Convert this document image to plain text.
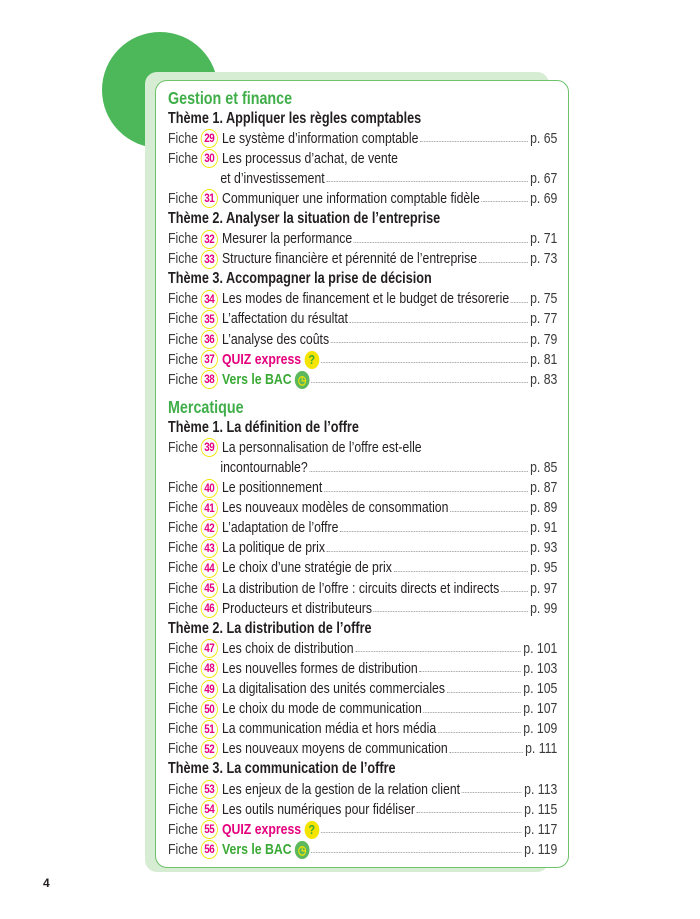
Gestion et finance
Thème 1. Appliquer les règles comptables
Fiche 29 Le système d’information comptable	p. 65
Fiche 30 Les processus d’achat, de vente
et d’investissement	p. 67
Fiche 31 Communiquer une information comptable fidèle	p. 69
Thème 2. Analyser la situation de l’entreprise
Fiche 32 Mesurer la performance	p. 71
Fiche 33 Structure financière et pérennité de l’entreprise	p. 73
Thème 3. Accompagner la prise de décision
Fiche 34 Les modes de financement et le budget de trésorerie p. 75
Fiche 35 L’affectation du résultat	p. 77
Fiche 36 L’analyse des coûts	p. 79
Fiche 37 QUIZ express ?	p. 81
Fiche 38 Vers le BAC ◷	p. 83
Mercatique
Thème 1. La définition de l’offre
Fiche 39 La personnalisation de l’offre est-elle
incontournable?	p. 85
Fiche 40 Le positionnement	p. 87
Fiche 41 Les nouveaux modèles de consommation	p. 89
Fiche 42 L’adaptation de l’offre	p. 91
Fiche 43 La politique de prix	p. 93
Fiche 44 Le choix d’une stratégie de prix	p. 95
Fiche 45 La distribution de l’offre : circuits directs et indirects p. 97
Fiche 46 Producteurs et distributeurs	p. 99
Thème 2. La distribution de l’offre
Fiche 47 Les choix de distribution	p. 101
Fiche 48 Les nouvelles formes de distribution	p. 103
Fiche 49 La digitalisation des unités commerciales	p. 105
Fiche 50 Le choix du mode de communication	p. 107
Fiche 51 La communication média et hors média	p. 109
Fiche 52 Les nouveaux moyens de communication	p. 111
Thème 3. La communication de l’offre
Fiche 53 Les enjeux de la gestion de la relation client	p. 113
Fiche 54 Les outils numériques pour fidéliser	p. 115
Fiche 55 QUIZ express ?	p. 117
Fiche 56 Vers le BAC ◷	p. 119
4
